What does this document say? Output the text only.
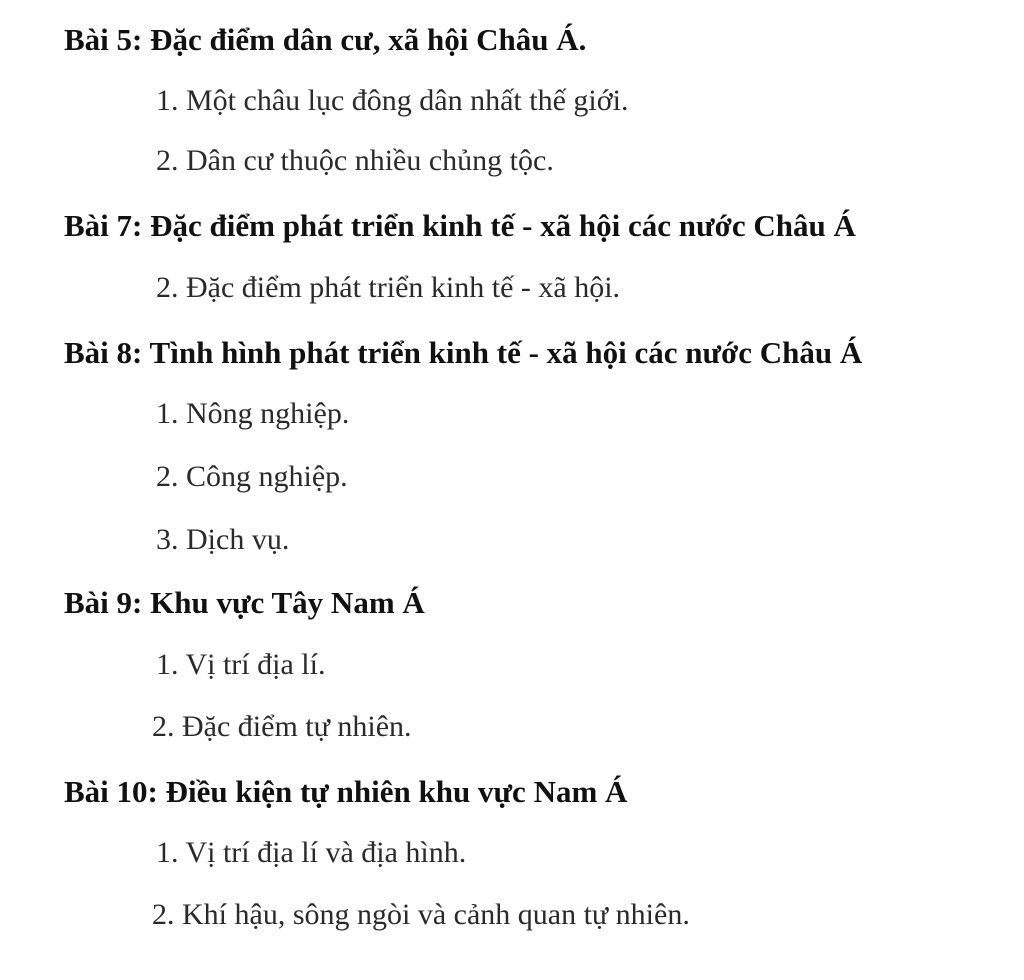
Bài 5: Đặc điểm dân cư, xã hội Châu Á.
1. Một châu lục đông dân nhất thế giới.
2. Dân cư thuộc nhiều chủng tộc.
Bài 7: Đặc điểm phát triển kinh tế - xã hội các nước Châu Á
2. Đặc điểm phát triển kinh tế - xã hội.
Bài 8: Tình hình phát triển kinh tế - xã hội các nước Châu Á
1. Nông nghiệp.
2. Công nghiệp.
3. Dịch vụ.
Bài 9: Khu vực Tây Nam Á
1. Vị trí địa lí.
2. Đặc điểm tự nhiên.
Bài 10: Điều kiện tự nhiên khu vực Nam Á
1. Vị trí địa lí và địa hình.
2. Khí hậu, sông ngòi và cảnh quan tự nhiên.
